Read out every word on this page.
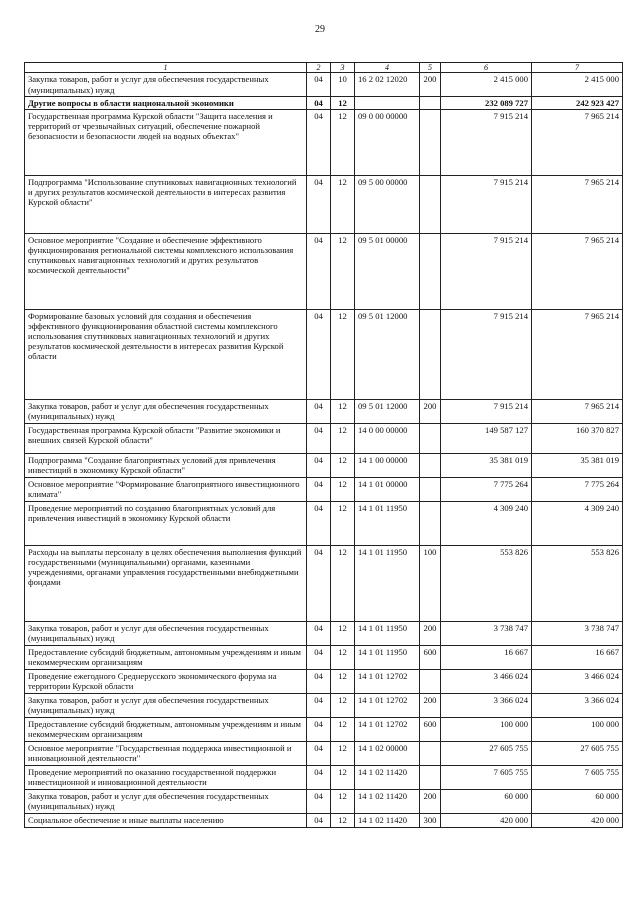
29
1	2	3	4	5	6	7
Закупка товаров, работ и услуг для обеспечения государственных (муниципальных) нужд	04	10	16 2 02 12020	200	2 415 000	2 415 000
Другие вопросы в области национальной экономики	04	12			232 089 727	242 923 427
Государственная программа Курской области "Защита населения и территорий от чрезвычайных ситуаций, обеспечение пожарной безопасности и безопасности людей на водных объектах"	04	12	09 0 00 00000		7 915 214	7 965 214
Подпрограмма "Использование спутниковых навигационных технологий и других результатов космической деятельности в интересах развития Курской области"	04	12	09 5 00 00000		7 915 214	7 965 214
Основное мероприятие "Создание и обеспечение эффективного функционирования региональной системы комплексного использования спутниковых навигационных технологий и других результатов космической деятельности"	04	12	09 5 01 00000		7 915 214	7 965 214
Формирование базовых условий для создания и обеспечения эффективного функционирования областной системы комплексного использования спутниковых навигационных технологий и других результатов космической деятельности в интересах развития Курской области	04	12	09 5 01 12000		7 915 214	7 965 214
Закупка товаров, работ и услуг для обеспечения государственных (муниципальных) нужд	04	12	09 5 01 12000	200	7 915 214	7 965 214
Государственная программа Курской области "Развитие экономики и внешних связей Курской области"	04	12	14 0 00 00000		149 587 127	160 370 827
Подпрограмма "Создание благоприятных условий для привлечения инвестиций в экономику Курской области"	04	12	14 1 00 00000		35 381 019	35 381 019
Основное мероприятие "Формирование благоприятного инвестиционного климата"	04	12	14 1 01 00000		7 775 264	7 775 264
Проведение мероприятий по созданию благоприятных условий для привлечения инвестиций в экономику Курской области	04	12	14 1 01 11950		4 309 240	4 309 240
Расходы на выплаты персоналу в целях обеспечения выполнения функций государственными (муниципальными) органами, казенными учреждениями, органами управления государственными внебюджетными фондами	04	12	14 1 01 11950	100	553 826	553 826
Закупка товаров, работ и услуг для обеспечения государственных (муниципальных) нужд	04	12	14 1 01 11950	200	3 738 747	3 738 747
Предоставление субсидий бюджетным, автономным учреждениям и иным некоммерческим организациям	04	12	14 1 01 11950	600	16 667	16 667
Проведение ежегодного Среднерусского экономического форума на территории Курской области	04	12	14 1 01 12702		3 466 024	3 466 024
Закупка товаров, работ и услуг для обеспечения государственных (муниципальных) нужд	04	12	14 1 01 12702	200	3 366 024	3 366 024
Предоставление субсидий бюджетным, автономным учреждениям и иным некоммерческим организациям	04	12	14 1 01 12702	600	100 000	100 000
Основное мероприятие "Государственная поддержка инвестиционной и инновационной деятельности"	04	12	14 1 02 00000		27 605 755	27 605 755
Проведение мероприятий по оказанию государственной поддержки инвестиционной и инновационной деятельности	04	12	14 1 02 11420		7 605 755	7 605 755
Закупка товаров, работ и услуг для обеспечения государственных (муниципальных) нужд	04	12	14 1 02 11420	200	60 000	60 000
Социальное обеспечение и иные выплаты населению	04	12	14 1 02 11420	300	420 000	420 000
